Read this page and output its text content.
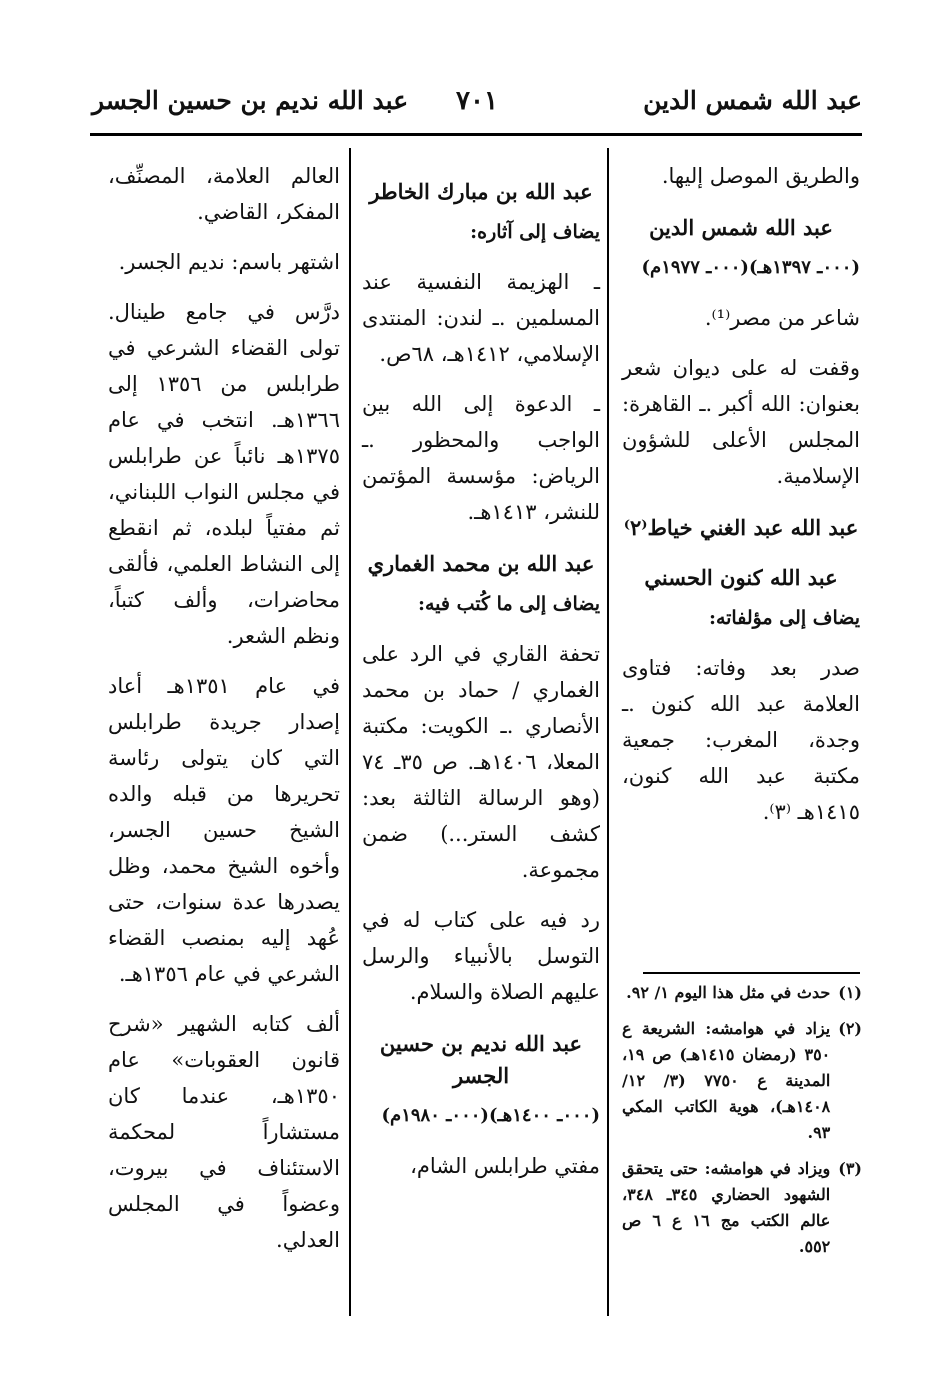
عبد الله شمس الدين
٧٠١
عبد الله نديم بن حسين الجسر

والطريق الموصل إليها.

عبد الله شمس الدين

(٠٠٠ـ ١٣٩٧هـ)(٠٠٠ـ ١٩٧٧م)

شاعر من مصر⁽¹⁾.

وقفت له على ديوان شعر بعنوان: الله أكبر .ـ القاهرة: المجلس الأعلى للشؤون الإسلامية.

عبد الله عبد الغني خياط⁽٢⁾
عبد الله كنون الحسني

يضاف إلى مؤلفاته:

صدر بعد وفاته: فتاوى العلامة عبد الله كنون .ـ وجدة، المغرب: جمعية مكتبة عبد الله كنون، ١٤١٥هـ ⁽٣⁾.

(١)
حدث في مثل هذا اليوم ١/ ٩٢.
(٢)
يزاد في هوامشه: الشريعة ع ٣٥٠ (رمضان ١٤١٥هـ) ص ١٩، المدينة ع ٧٧٥٠ (٣/ ١٢/ ١٤٠٨هـ)، هوية الكاتب المكي ٩٣.
(٣)
ويزاد في هوامشه: حتى يتحقق الشهود الحضاري ٣٤٥ـ ٣٤٨، عالم الكتب مج ١٦ ع ٦ ص ٥٥٢.
عبد الله بن مبارك الخاطر

يضاف إلى آثاره:

ـ الهزيمة النفسية عند المسلمين .ـ لندن: المنتدى الإسلامي، ١٤١٢هـ، ٦٨ص.

ـ الدعوة إلى الله بين الواجب والمحظور .ـ الرياض: مؤسسة المؤتمن للنشر، ١٤١٣هـ.

عبد الله بن محمد الغماري

يضاف إلى ما كُتب فيه:

تحفة القاري في الرد على الغماري / حماد بن محمد الأنصاري .ـ الكويت: مكتبة المعلا، ١٤٠٦هـ. ص ٣٥ـ ٧٤ (وهو الرسالة الثالثة بعد: كشف الستر...) ضمن مجموعة.

رد فيه على كتاب له في التوسل بالأنبياء والرسل عليهم الصلاة والسلام.

عبد الله نديم بن حسين الجسر

(٠٠٠ـ ١٤٠٠هـ)(٠٠٠ـ ١٩٨٠م)

مفتي طرابلس الشام،

العالم العلامة، المصنِّف، المفكر، القاضي.

اشتهر باسم: نديم الجسر.

درَّس في جامع طينال. تولى القضاء الشرعي في طرابلس من ١٣٥٦ إلى ١٣٦٦هـ. انتخب في عام ١٣٧٥هـ نائباً عن طرابلس في مجلس النواب اللبناني، ثم مفتياً لبلده، ثم انقطع إلى النشاط العلمي، فألقى محاضرات، وألف كتباً، ونظم الشعر.

في عام ١٣٥١هـ أعاد إصدار جريدة طرابلس التي كان يتولى رئاسة تحريرها من قبله والده الشيخ حسين الجسر، وأخوه الشيخ محمد، وظل يصدرها عدة سنوات، حتى عُهد إليه بمنصب القضاء الشرعي في عام ١٣٥٦هـ.

ألف كتابه الشهير «شرح قانون العقوبات» عام ١٣٥٠هـ، عندما كان مستشاراً لمحكمة الاستئناف في بيروت، وعضواً في المجلس العدلي.
